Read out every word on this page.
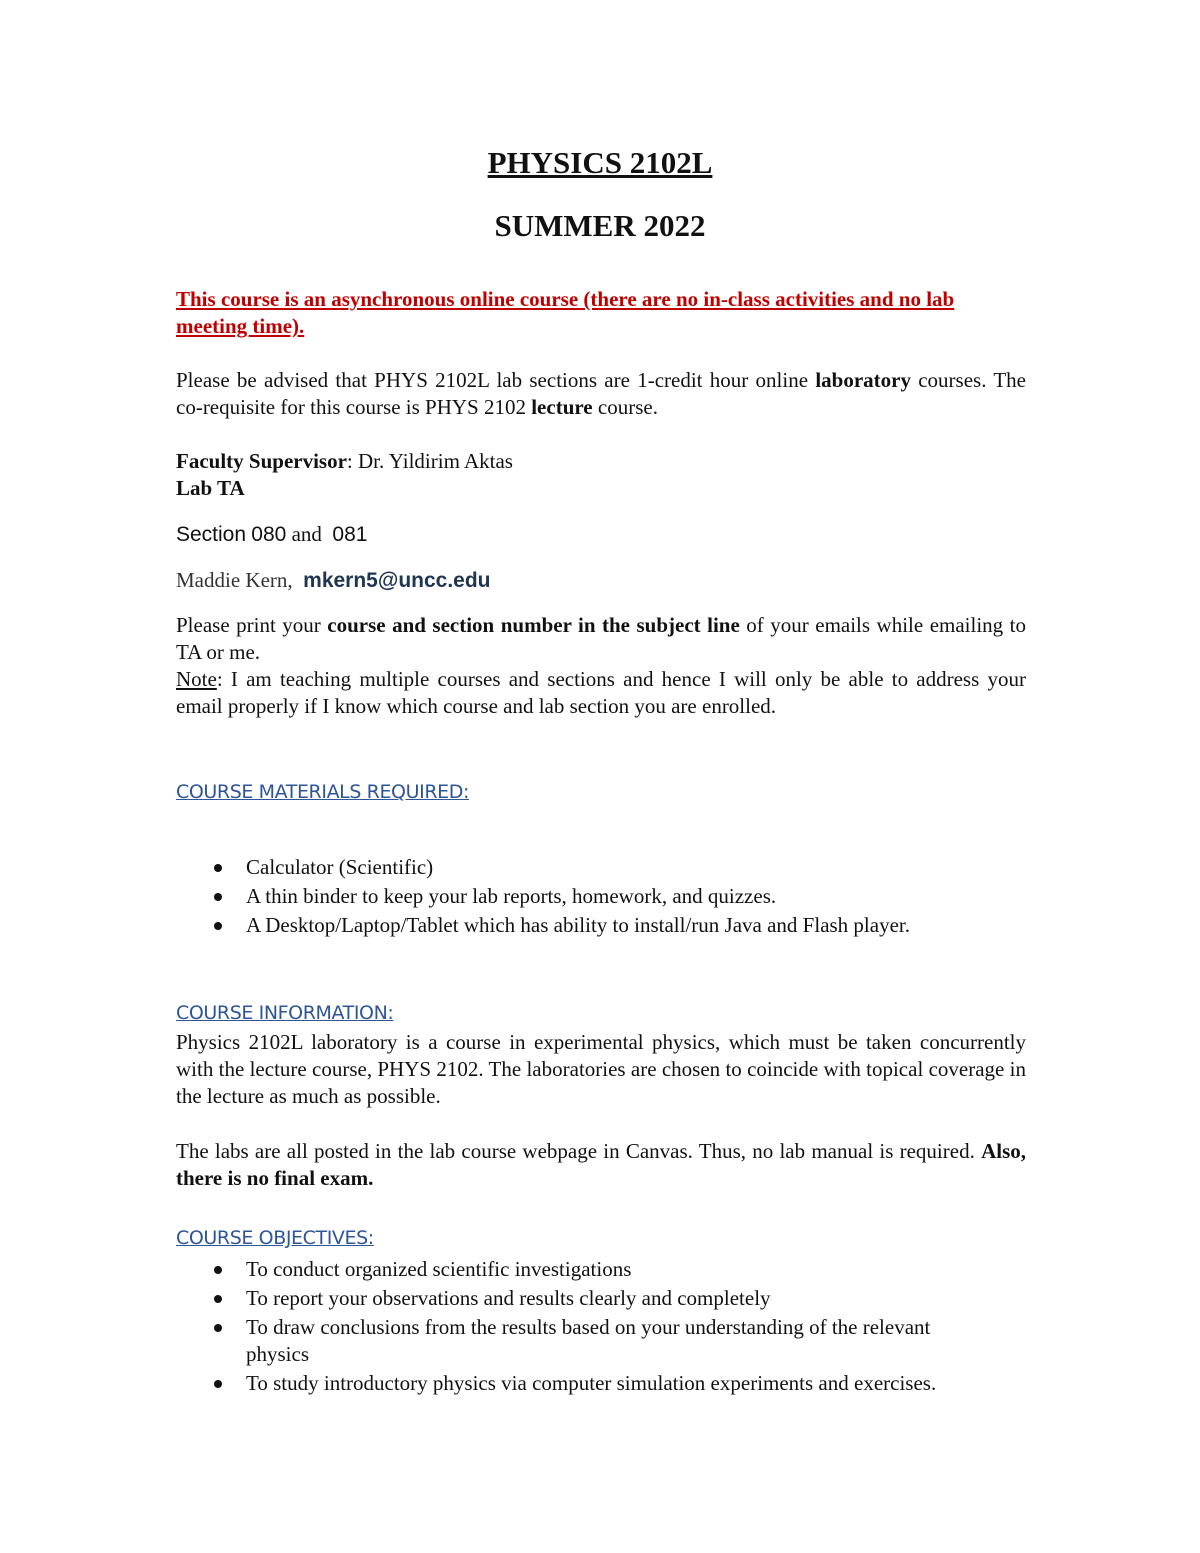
PHYSICS 2102L

SUMMER 2022

This course is an asynchronous online course (there are no in-class activities and no lab meeting time).

Please be advised that PHYS 2102L lab sections are 1-credit hour online laboratory courses. The co-requisite for this course is PHYS 2102 lecture course.

Faculty Supervisor: Dr. Yildirim Aktas

Lab TA

Section 080 and 081

Maddie Kern, mkern5@uncc.edu

Please print your course and section number in the subject line of your emails while emailing to TA or me.
Note: I am teaching multiple courses and sections and hence I will only be able to address your email properly if I know which course and lab section you are enrolled.

COURSE MATERIALS REQUIRED:

Calculator (Scientific)
A thin binder to keep your lab reports, homework, and quizzes.
A Desktop/Laptop/Tablet which has ability to install/run Java and Flash player.

COURSE INFORMATION:

Physics 2102L laboratory is a course in experimental physics, which must be taken concurrently with the lecture course, PHYS 2102. The laboratories are chosen to coincide with topical coverage in the lecture as much as possible.

The labs are all posted in the lab course webpage in Canvas. Thus, no lab manual is required. Also, there is no final exam.

COURSE OBJECTIVES:

To conduct organized scientific investigations
To report your observations and results clearly and completely
To draw conclusions from the results based on your understanding of the relevant physics
To study introductory physics via computer simulation experiments and exercises.
